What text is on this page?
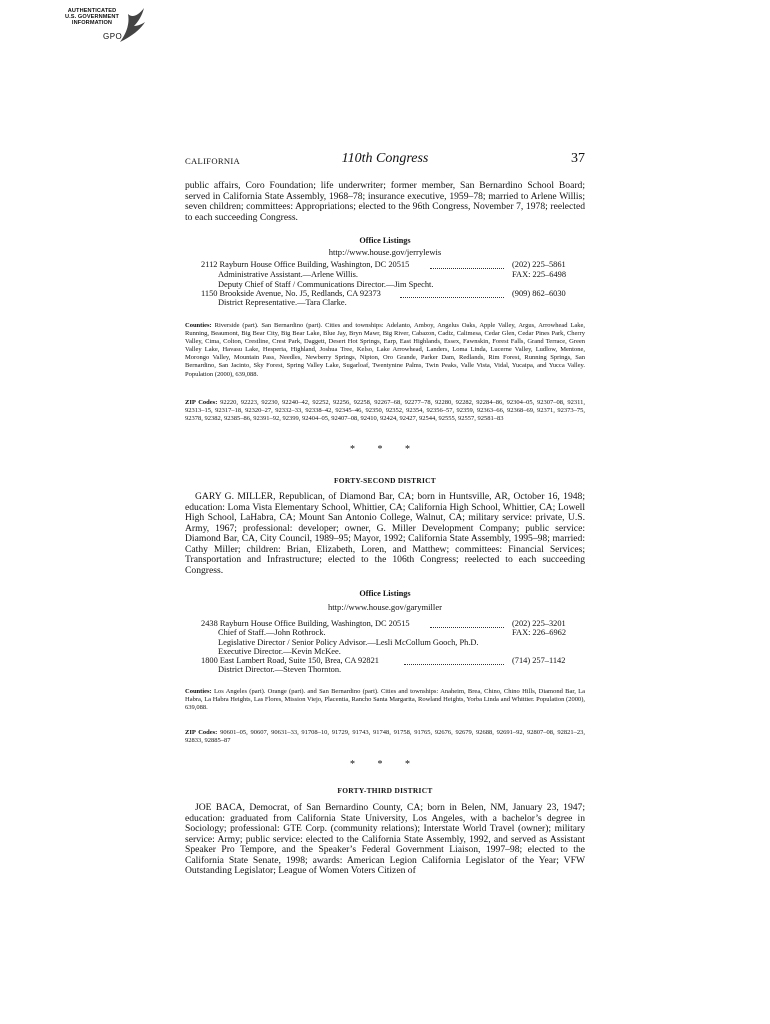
AUTHENTICATED
U.S. GOVERNMENT
INFORMATION
GPO
CALIFORNIA	110th Congress	37
public affairs, Coro Foundation; life underwriter; former member, San Bernardino School Board; served in California State Assembly, 1968–78; insurance executive, 1959–78; married to Arlene Willis; seven children; committees: Appropriations; elected to the 96th Congress, November 7, 1978; reelected to each succeeding Congress.
Office Listings
http://www.house.gov/jerrylewis
2112 Rayburn House Office Building, Washington, DC 20515	(202) 225–5861
Administrative Assistant.—Arlene Willis.	FAX: 225–6498
Deputy Chief of Staff / Communications Director.—Jim Specht.
1150 Brookside Avenue, No. J5, Redlands, CA 92373	(909) 862–6030
District Representative.—Tara Clarke.
Counties: Riverside (part). San Bernardino (part). Cities and townships: Adelanto, Amboy, Angelus Oaks, Apple Valley, Argus, Arrowhead Lake, Running, Beaumont, Big Bear City, Big Bear Lake, Blue Jay, Bryn Mawr, Big River, Cabazon, Cadiz, Calimesa, Cedar Glen, Cedar Pines Park, Cherry Valley, Cima, Colton, Crestline, Crest Park, Daggett, Desert Hot Springs, Earp, East Highlands, Essex, Fawnskin, Forest Falls, Grand Terrace, Green Valley Lake, Havasu Lake, Hesperia, Highland, Joshua Tree, Kelso, Lake Arrowhead, Landers, Loma Linda, Lucerne Valley, Ludlow, Mentone, Morongo Valley, Mountain Pass, Needles, Newberry Springs, Nipton, Oro Grande, Parker Dam, Redlands, Rim Forest, Running Springs, San Bernardino, San Jacinto, Sky Forest, Spring Valley Lake, Sugarloaf, Twentynine Palms, Twin Peaks, Valle Vista, Vidal, Yucaipa, and Yucca Valley. Population (2000), 639,088.
ZIP Codes: 92220, 92223, 92230, 92240–42, 92252, 92256, 92258, 92267–68, 92277–78, 92280, 92282, 92284–86, 92304–05, 92307–08, 92311, 92313–15, 92317–18, 92320–27, 92332–33, 92338–42, 92345–46, 92350, 92352, 92354, 92356–57, 92359, 92363–66, 92368–69, 92371, 92373–75, 92378, 92382, 92385–86, 92391–92, 92399, 92404–05, 92407–08, 92410, 92424, 92427, 92544, 92555, 92557, 92581–83
* * *
FORTY-SECOND DISTRICT
GARY G. MILLER, Republican, of Diamond Bar, CA; born in Huntsville, AR, October 16, 1948; education: Loma Vista Elementary School, Whittier, CA; California High School, Whittier, CA; Lowell High School, LaHabra, CA; Mount San Antonio College, Walnut, CA; military service: private, U.S. Army, 1967; professional: developer; owner, G. Miller Development Company; public service: Diamond Bar, CA, City Council, 1989–95; Mayor, 1992; California State Assembly, 1995–98; married: Cathy Miller; children: Brian, Elizabeth, Loren, and Matthew; committees: Financial Services; Transportation and Infrastructure; elected to the 106th Congress; reelected to each succeeding Congress.
Office Listings
http://www.house.gov/garymiller
2438 Rayburn House Office Building, Washington, DC 20515	(202) 225–3201
Chief of Staff.—John Rothrock.	FAX: 226–6962
Legislative Director / Senior Policy Advisor.—Lesli McCollum Gooch, Ph.D.
Executive Director.—Kevin McKee.
1800 East Lambert Road, Suite 150, Brea, CA 92821	(714) 257–1142
District Director.—Steven Thornton.
Counties: Los Angeles (part). Orange (part). and San Bernardino (part). Cities and townships: Anaheim, Brea, Chino, Chino Hills, Diamond Bar, La Habra, La Habra Heights, Las Flores, Mission Viejo, Placentia, Rancho Santa Margarita, Rowland Heights, Yorba Linda and Whittier. Population (2000), 639,088.
ZIP Codes: 90601–05, 90607, 90631–33, 91708–10, 91729, 91743, 91748, 91758, 91765, 92676, 92679, 92688, 92691–92, 92807–08, 92821–23, 92833, 92885–87
* * *
FORTY-THIRD DISTRICT
JOE BACA, Democrat, of San Bernardino County, CA; born in Belen, NM, January 23, 1947; education: graduated from California State University, Los Angeles, with a bachelor’s degree in Sociology; professional: GTE Corp. (community relations); Interstate World Travel (owner); military service: Army; public service: elected to the California State Assembly, 1992, and served as Assistant Speaker Pro Tempore, and the Speaker’s Federal Government Liaison, 1997–98; elected to the California State Senate, 1998; awards: American Legion California Legislator of the Year; VFW Outstanding Legislator; League of Women Voters Citizen of
